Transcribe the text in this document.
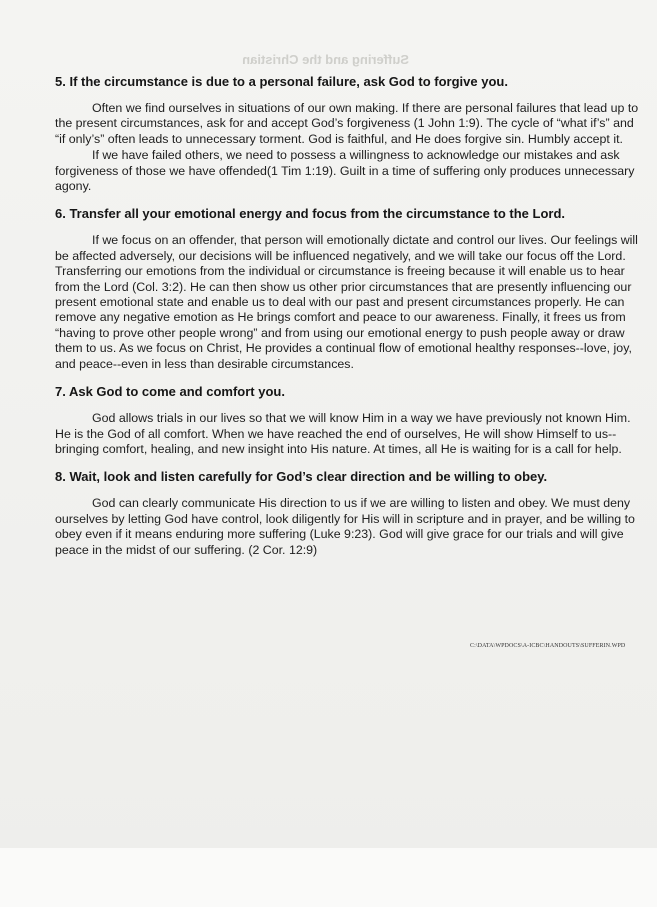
Suffering and the Christian
5. If the circumstance is due to a personal failure, ask God to forgive you.

Often we find ourselves in situations of our own making. If there are personal failures that lead up to the present circumstances, ask for and accept God’s forgiveness (1 John 1:9). The cycle of “what if’s” and “if only’s” often leads to unnecessary torment. God is faithful, and He does forgive sin. Humbly accept it.

If we have failed others, we need to possess a willingness to acknowledge our mistakes and ask forgiveness of those we have offended(1 Tim 1:19). Guilt in a time of suffering only produces unnecessary agony.

6. Transfer all your emotional energy and focus from the circumstance to the Lord.

If we focus on an offender, that person will emotionally dictate and control our lives. Our feelings will be affected adversely, our decisions will be influenced negatively, and we will take our focus off the Lord. Transferring our emotions from the individual or circumstance is freeing because it will enable us to hear from the Lord (Col. 3:2). He can then show us other prior circumstances that are presently influencing our present emotional state and enable us to deal with our past and present circumstances properly. He can remove any negative emotion as He brings comfort and peace to our awareness. Finally, it frees us from “having to prove other people wrong” and from using our emotional energy to push people away or draw them to us. As we focus on Christ, He provides a continual flow of emotional healthy responses--love, joy, and peace--even in less than desirable circumstances.

7. Ask God to come and comfort you.

God allows trials in our lives so that we will know Him in a way we have previously not known Him. He is the God of all comfort. When we have reached the end of ourselves, He will show Himself to us--bringing comfort, healing, and new insight into His nature. At times, all He is waiting for is a call for help.

8. Wait, look and listen carefully for God’s clear direction and be willing to obey.

God can clearly communicate His direction to us if we are willing to listen and obey. We must deny ourselves by letting God have control, look diligently for His will in scripture and in prayer, and be willing to obey even if it means enduring more suffering (Luke 9:23). God will give grace for our trials and will give peace in the midst of our suffering. (2 Cor. 12:9)

C:\DATA\WPDOCS\A-ICBC\HANDOUTS\SUFFERIN.WPD
